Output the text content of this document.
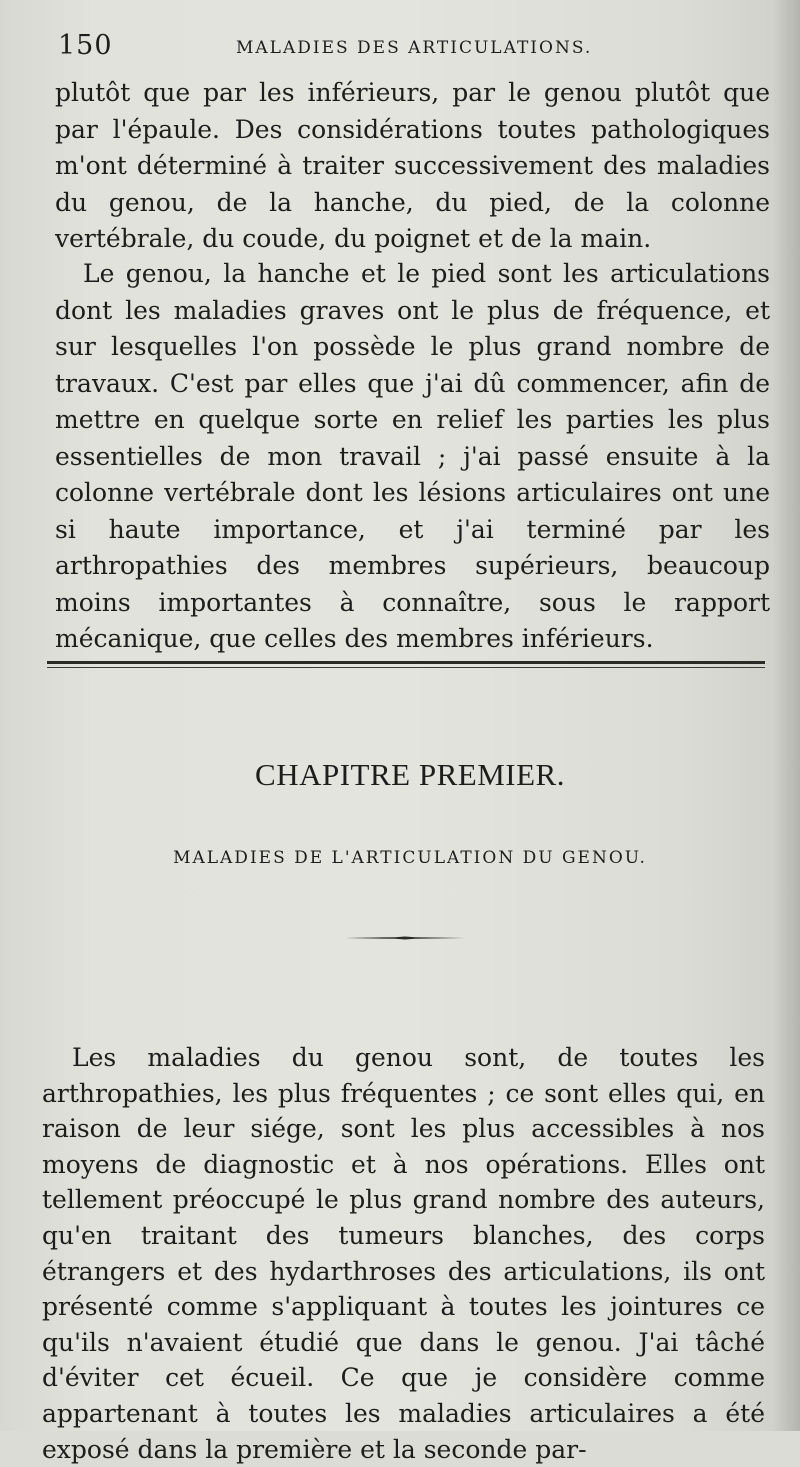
150	MALADIES DES ARTICULATIONS.

plutôt que par les inférieurs, par le genou plutôt que par l'épaule. Des considérations toutes pathologiques m'ont déterminé à traiter successivement des maladies du genou, de la hanche, du pied, de la colonne vertébrale, du coude, du poignet et de la main.

Le genou, la hanche et le pied sont les articulations dont les maladies graves ont le plus de fréquence, et sur lesquelles l'on possède le plus grand nombre de travaux. C'est par elles que j'ai dû commencer, afin de mettre en quelque sorte en relief les parties les plus essentielles de mon travail ; j'ai passé ensuite à la colonne vertébrale dont les lésions articulaires ont une si haute importance, et j'ai terminé par les arthropathies des membres supérieurs, beaucoup moins importantes à connaître, sous le rapport mécanique, que celles des membres inférieurs.

CHAPITRE PREMIER.
MALADIES DE L'ARTICULATION DU GENOU.

Les maladies du genou sont, de toutes les arthropathies, les plus fréquentes ; ce sont elles qui, en raison de leur siége, sont les plus accessibles à nos moyens de diagnostic et à nos opérations. Elles ont tellement préoccupé le plus grand nombre des auteurs, qu'en traitant des tumeurs blanches, des corps étrangers et des hydarthroses des articulations, ils ont présenté comme s'appliquant à toutes les jointures ce qu'ils n'avaient étudié que dans le genou. J'ai tâché d'éviter cet écueil. Ce que je considère comme appartenant à toutes les maladies articulaires a été exposé dans la première et la seconde par-
